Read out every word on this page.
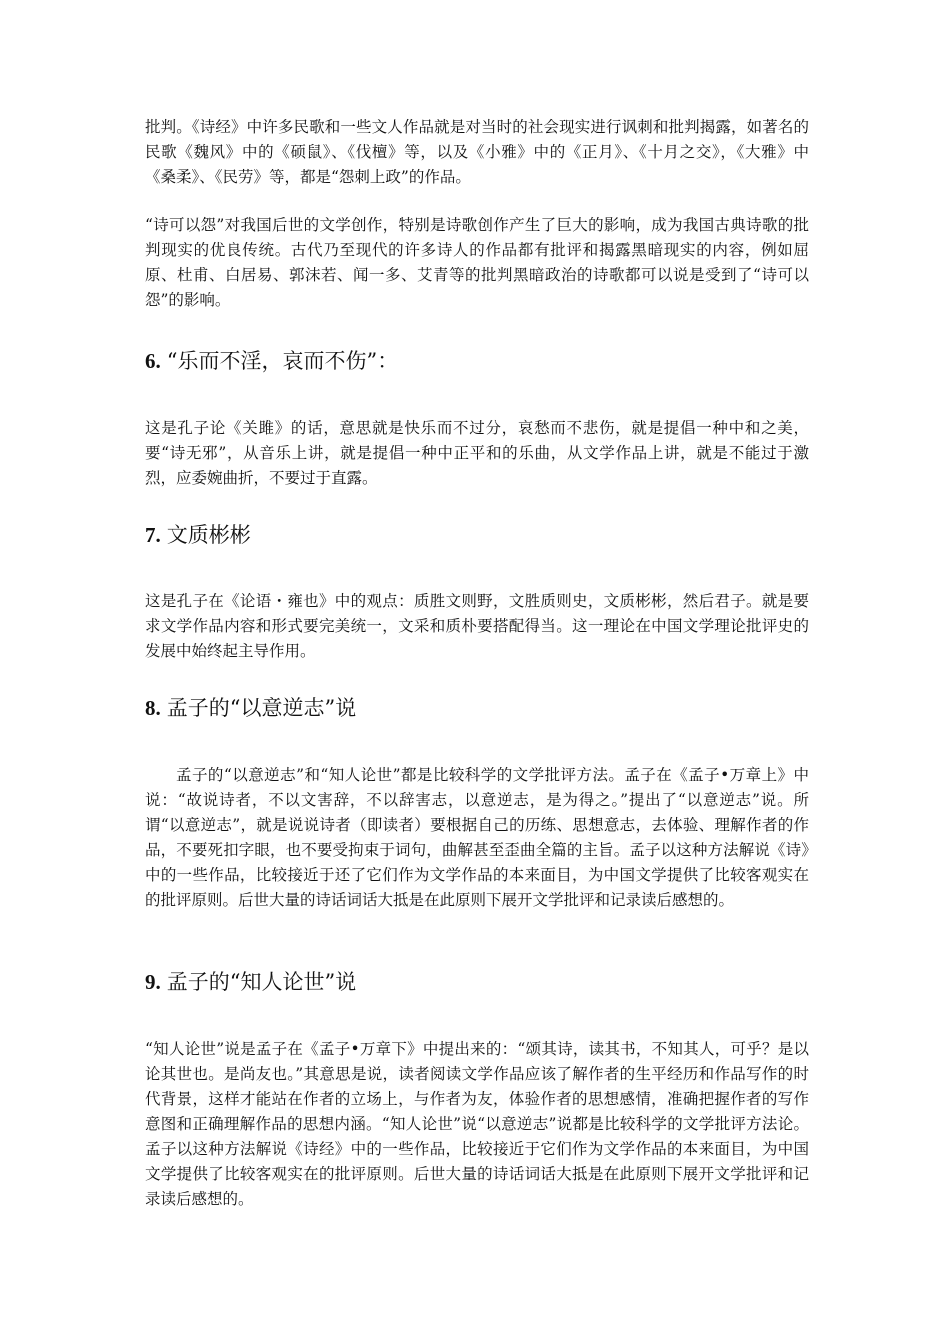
批判。《诗经》中许多民歌和一些文人作品就是对当时的社会现实进行讽刺和批判揭露，如著名的民歌《魏风》中的《硕鼠》、《伐檀》等，以及《小雅》中的《正月》、《十月之交》，《大雅》中《桑柔》、《民劳》等，都是“怨刺上政”的作品。

“诗可以怨”对我国后世的文学创作，特别是诗歌创作产生了巨大的影响，成为我国古典诗歌的批判现实的优良传统。古代乃至现代的许多诗人的作品都有批评和揭露黑暗现实的内容，例如屈原、杜甫、白居易、郭沫若、闻一多、艾青等的批判黑暗政治的诗歌都可以说是受到了“诗可以怨”的影响。

6. “乐而不淫，哀而不伤”：

这是孔子论《关雎》的话，意思就是快乐而不过分，哀愁而不悲伤，就是提倡一种中和之美，要“诗无邪”，从音乐上讲，就是提倡一种中正平和的乐曲，从文学作品上讲，就是不能过于激烈，应委婉曲折，不要过于直露。

7. 文质彬彬

这是孔子在《论语・雍也》中的观点：质胜文则野，文胜质则史，文质彬彬，然后君子。就是要求文学作品内容和形式要完美统一，文采和质朴要搭配得当。这一理论在中国文学理论批评史的发展中始终起主导作用。

8. 孟子的“以意逆志”说

孟子的“以意逆志”和“知人论世”都是比较科学的文学批评方法。孟子在《孟子•万章上》中说：“故说诗者，不以文害辞，不以辞害志，以意逆志，是为得之。”提出了“以意逆志”说。所谓“以意逆志”，就是说说诗者（即读者）要根据自己的历练、思想意志，去体验、理解作者的作品，不要死扣字眼，也不要受拘束于词句，曲解甚至歪曲全篇的主旨。孟子以这种方法解说《诗》中的一些作品，比较接近于还了它们作为文学作品的本来面目，为中国文学提供了比较客观实在的批评原则。后世大量的诗话词话大抵是在此原则下展开文学批评和记录读后感想的。

9. 孟子的“知人论世”说

“知人论世”说是孟子在《孟子•万章下》中提出来的：“颂其诗，读其书，不知其人，可乎？是以论其世也。是尚友也。”其意思是说，读者阅读文学作品应该了解作者的生平经历和作品写作的时代背景，这样才能站在作者的立场上，与作者为友，体验作者的思想感情，准确把握作者的写作意图和正确理解作品的思想内涵。“知人论世”说“以意逆志”说都是比较科学的文学批评方法论。孟子以这种方法解说《诗经》中的一些作品，比较接近于它们作为文学作品的本来面目，为中国文学提供了比较客观实在的批评原则。后世大量的诗话词话大抵是在此原则下展开文学批评和记录读后感想的。
